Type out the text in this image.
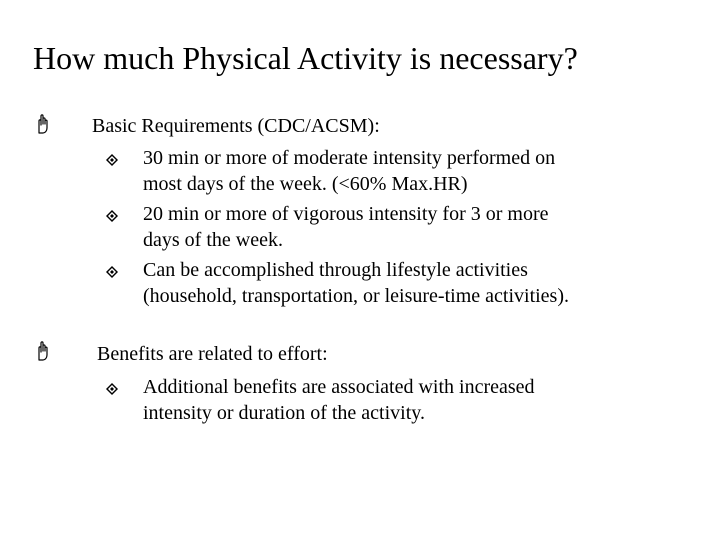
How much Physical Activity is necessary?
Basic Requirements (CDC/ACSM):
30 min or more of moderate intensity performed on
most days of the week. (<60% Max.HR)
20 min or more of vigorous intensity for 3 or more
days of the week.
Can be accomplished through lifestyle activities
(household, transportation, or leisure-time activities).
Benefits are related to effort:
Additional benefits are associated with increased
intensity or duration of the activity.
